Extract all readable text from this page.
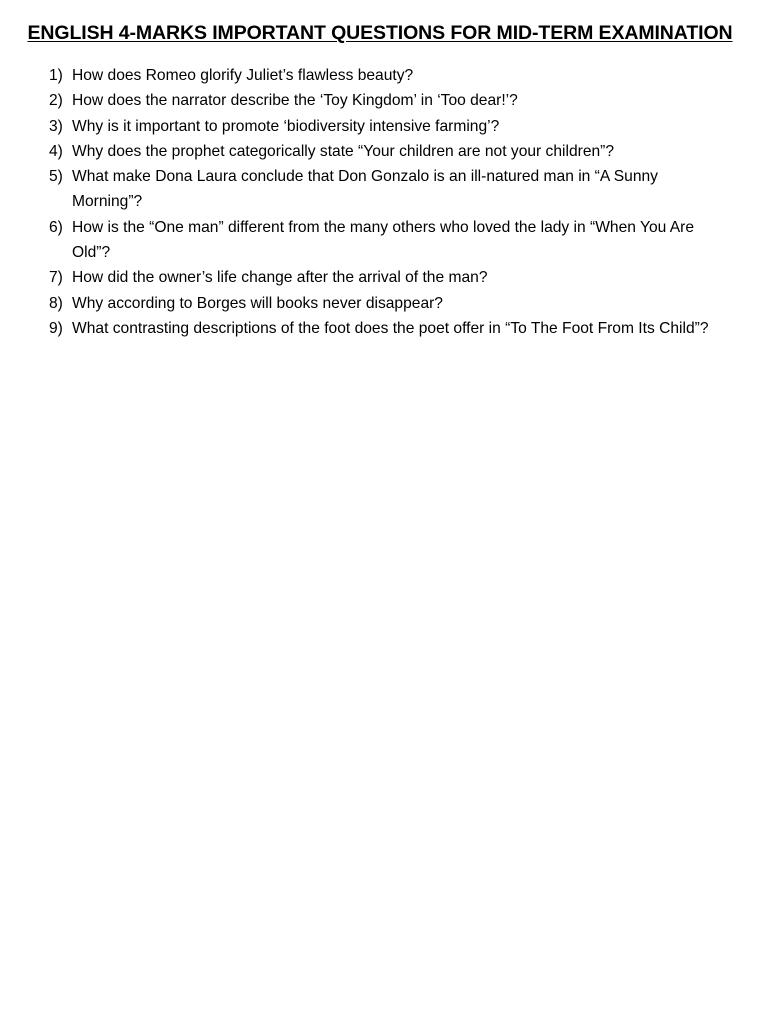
ENGLISH 4-MARKS IMPORTANT QUESTIONS FOR MID-TERM EXAMINATION
1) How does Romeo glorify Juliet’s flawless beauty?
2) How does the narrator describe the ‘Toy Kingdom’ in ‘Too dear!’?
3) Why is it important to promote ‘biodiversity intensive farming’?
4) Why does the prophet categorically state “Your children are not your children”?
5) What make Dona Laura conclude that Don Gonzalo is an ill-natured man in “A Sunny Morning”?
6) How is the “One man” different from the many others who loved the lady in “When You Are Old”?
7) How did the owner’s life change after the arrival of the man?
8) Why according to Borges will books never disappear?
9) What contrasting descriptions of the foot does the poet offer in “To The Foot From Its Child”?
